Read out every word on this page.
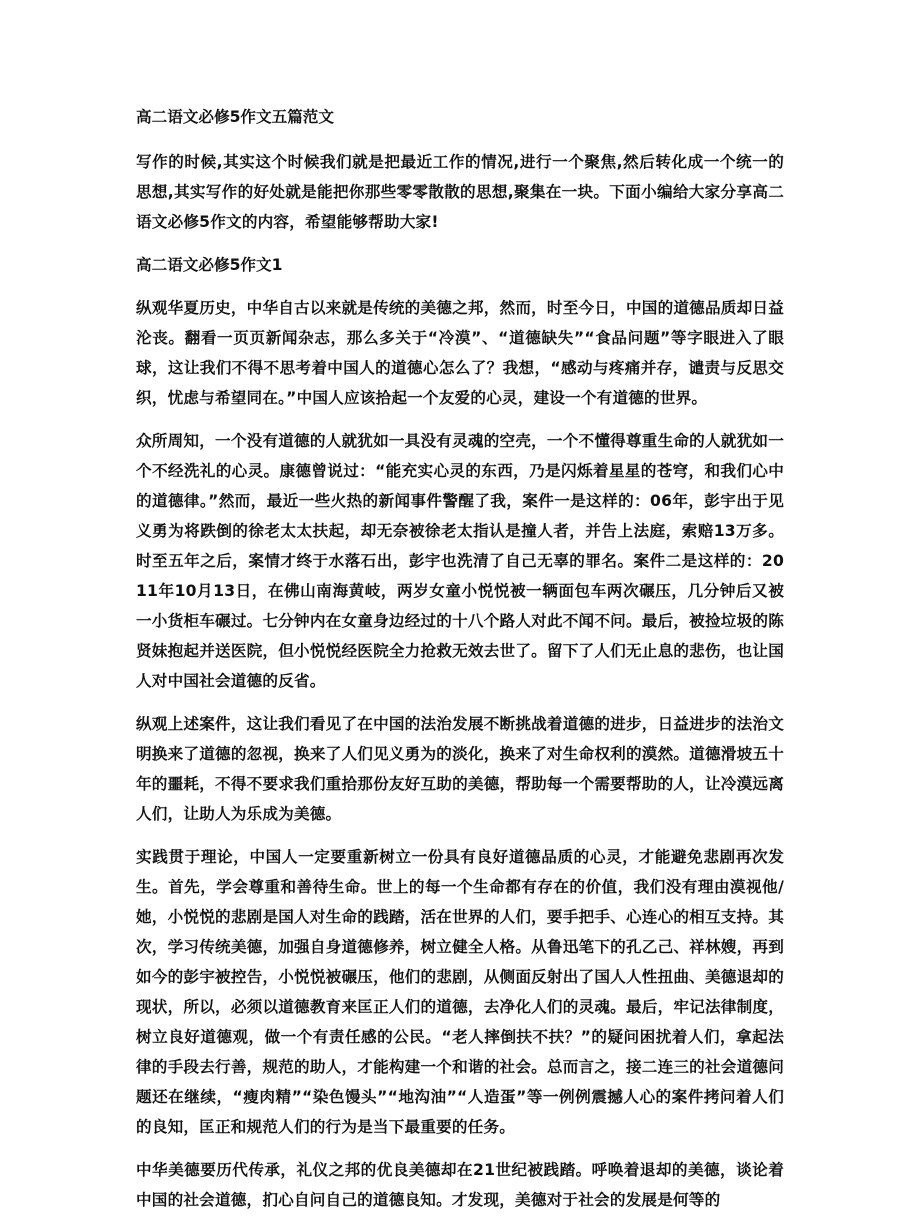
高二语文必修5作文五篇范文
写作的时候,其实这个时候我们就是把最近工作的情况,进行一个聚焦,然后转化成一个统一的思想,其实写作的好处就是能把你那些零零散散的思想,聚集在一块。下面小编给大家分享高二语文必修5作文的内容，希望能够帮助大家!
高二语文必修5作文1
纵观华夏历史，中华自古以来就是传统的美德之邦，然而，时至今日，中国的道德品质却日益沦丧。翻看一页页新闻杂志，那么多关于“冷漠”、“道德缺失”“食品问题”等字眼进入了眼球，这让我们不得不思考着中国人的道德心怎么了？我想，“感动与疼痛并存，谴责与反思交织，忧虑与希望同在。”中国人应该拾起一个友爱的心灵，建设一个有道德的世界。
众所周知，一个没有道德的人就犹如一具没有灵魂的空壳，一个不懂得尊重生命的人就犹如一个不经洗礼的心灵。康德曾说过：“能充实心灵的东西，乃是闪烁着星星的苍穹，和我们心中的道德律。”然而，最近一些火热的新闻事件警醒了我，案件一是这样的：06年，彭宇出于见义勇为将跌倒的徐老太太扶起，却无奈被徐老太指认是撞人者，并告上法庭，索赔13万多。时至五年之后，案情才终于水落石出，彭宇也洗清了自己无辜的罪名。案件二是这样的：2011年10月13日，在佛山南海黄岐，两岁女童小悦悦被一辆面包车两次碾压，几分钟后又被一小货柜车碾过。七分钟内在女童身边经过的十八个路人对此不闻不问。最后，被捡垃圾的陈贤妹抱起并送医院，但小悦悦经医院全力抢救无效去世了。留下了人们无止息的悲伤，也让国人对中国社会道德的反省。
纵观上述案件，这让我们看见了在中国的法治发展不断挑战着道德的进步，日益进步的法治文明换来了道德的忽视，换来了人们见义勇为的淡化，换来了对生命权利的漠然。道德滑坡五十年的噩耗，不得不要求我们重拾那份友好互助的美德，帮助每一个需要帮助的人，让冷漠远离人们，让助人为乐成为美德。
实践贯于理论，中国人一定要重新树立一份具有良好道德品质的心灵，才能避免悲剧再次发生。首先，学会尊重和善待生命。世上的每一个生命都有存在的价值，我们没有理由漠视他/她，小悦悦的悲剧是国人对生命的践踏，活在世界的人们，要手把手、心连心的相互支持。其次，学习传统美德，加强自身道德修养，树立健全人格。从鲁迅笔下的孔乙己、祥林嫂，再到如今的彭宇被控告，小悦悦被碾压，他们的悲剧，从侧面反射出了国人人性扭曲、美德退却的现状，所以，必须以道德教育来匡正人们的道德，去净化人们的灵魂。最后，牢记法律制度，树立良好道德观，做一个有责任感的公民。“老人摔倒扶不扶？”的疑问困扰着人们，拿起法律的手段去行善，规范的助人，才能构建一个和谐的社会。总而言之，接二连三的社会道德问题还在继续，“瘦肉精”“染色馒头”“地沟油”“人造蛋”等一例例震撼人心的案件拷问着人们的良知，匡正和规范人们的行为是当下最重要的任务。
中华美德要历代传承，礼仪之邦的优良美德却在21世纪被践踏。呼唤着退却的美德，谈论着中国的社会道德，扪心自问自己的道德良知。才发现，美德对于社会的发展是何等的
